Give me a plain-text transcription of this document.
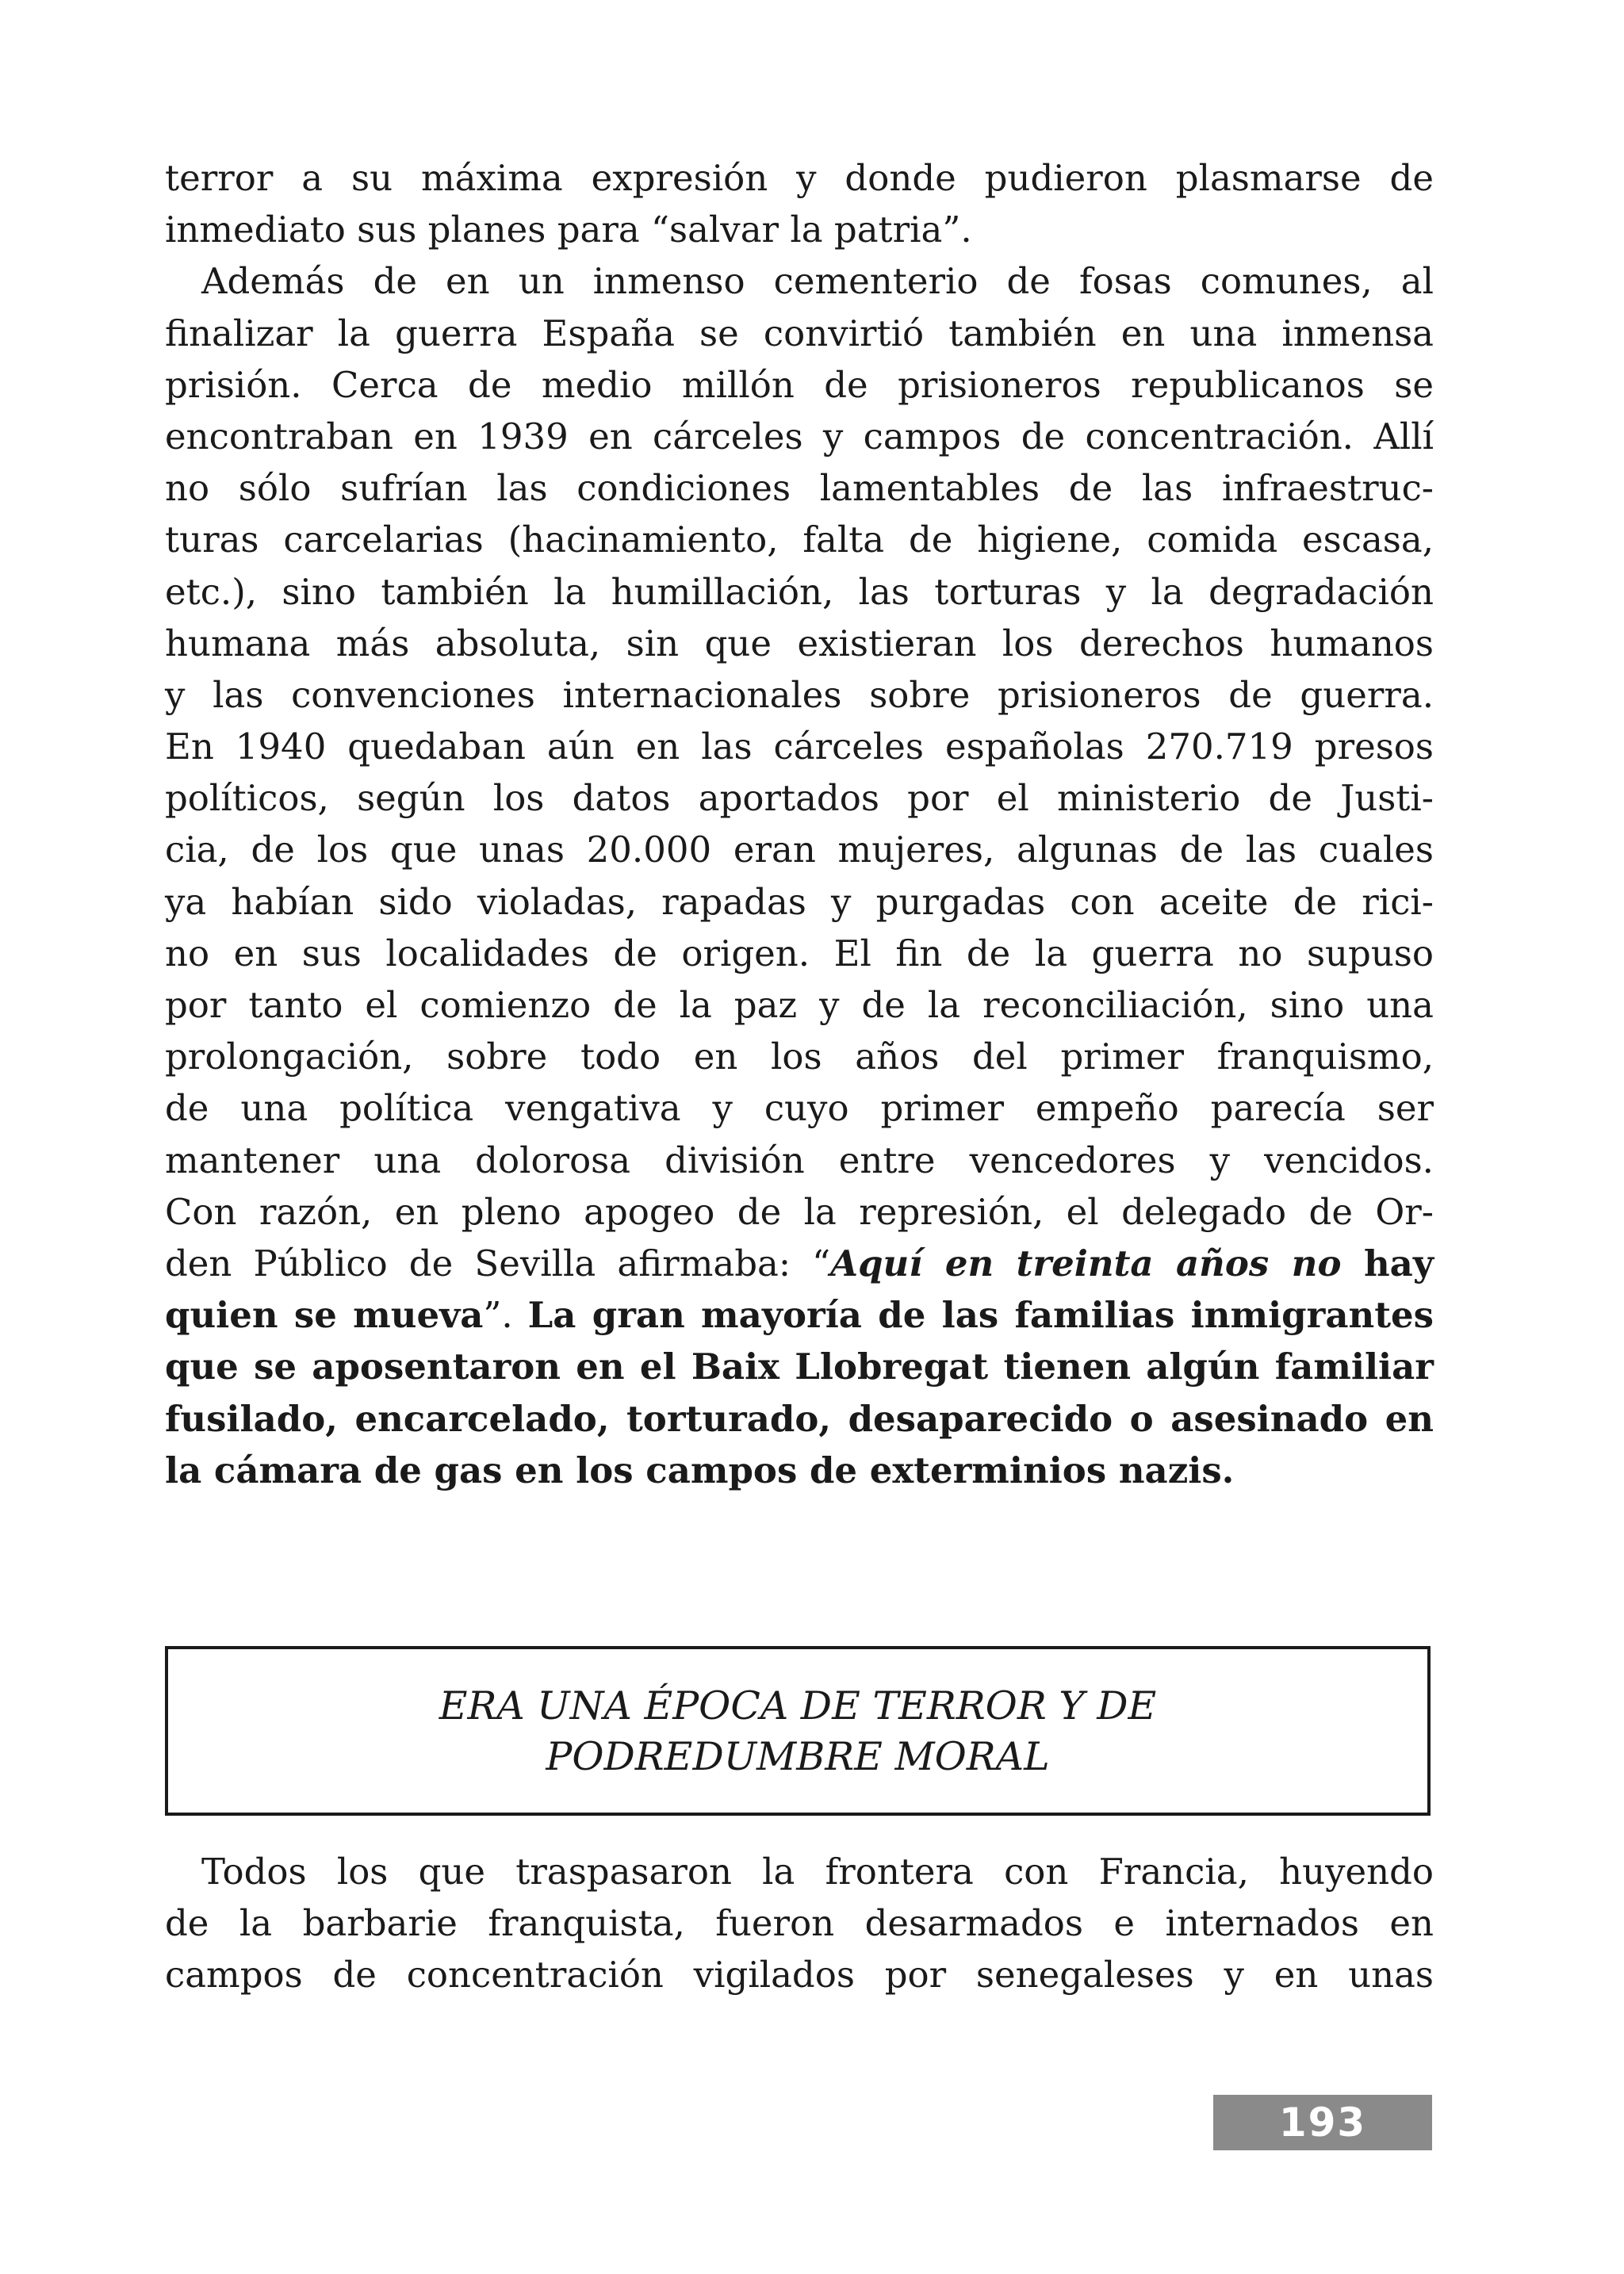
terror a su máxima expresión y donde pudieron plasmarse de
inmediato sus planes para “salvar la patria”.
Además de en un inmenso cementerio de fosas comunes, al
finalizar la guerra España se convirtió también en una inmensa
prisión. Cerca de medio millón de prisioneros republicanos se
encontraban en 1939 en cárceles y campos de concentración. Allí
no sólo sufrían las condiciones lamentables de las infraestruc-
turas carcelarias (hacinamiento, falta de higiene, comida escasa,
etc.), sino también la humillación, las torturas y la degradación
humana más absoluta, sin que existieran los derechos humanos
y las convenciones internacionales sobre prisioneros de guerra.
En 1940 quedaban aún en las cárceles españolas 270.719 presos
políticos, según los datos aportados por el ministerio de Justi-
cia, de los que unas 20.000 eran mujeres, algunas de las cuales
ya habían sido violadas, rapadas y purgadas con aceite de rici-
no en sus localidades de origen. El fin de la guerra no supuso
por tanto el comienzo de la paz y de la reconciliación, sino una
prolongación, sobre todo en los años del primer franquismo,
de una política vengativa y cuyo primer empeño parecía ser
mantener una dolorosa división entre vencedores y vencidos.
Con razón, en pleno apogeo de la represión, el delegado de Or-
den Público de Sevilla afirmaba: “Aquí en treinta años no hay
quien se mueva”. La gran mayoría de las familias inmigrantes
que se aposentaron en el Baix Llobregat tienen algún familiar
fusilado, encarcelado, torturado, desaparecido o asesinado en
la cámara de gas en los campos de exterminios nazis.
ERA UNA ÉPOCA DE TERROR Y DE
PODREDUMBRE MORAL
Todos los que traspasaron la frontera con Francia, huyendo
de la barbarie franquista, fueron desarmados e internados en
campos de concentración vigilados por senegaleses y en unas
193
